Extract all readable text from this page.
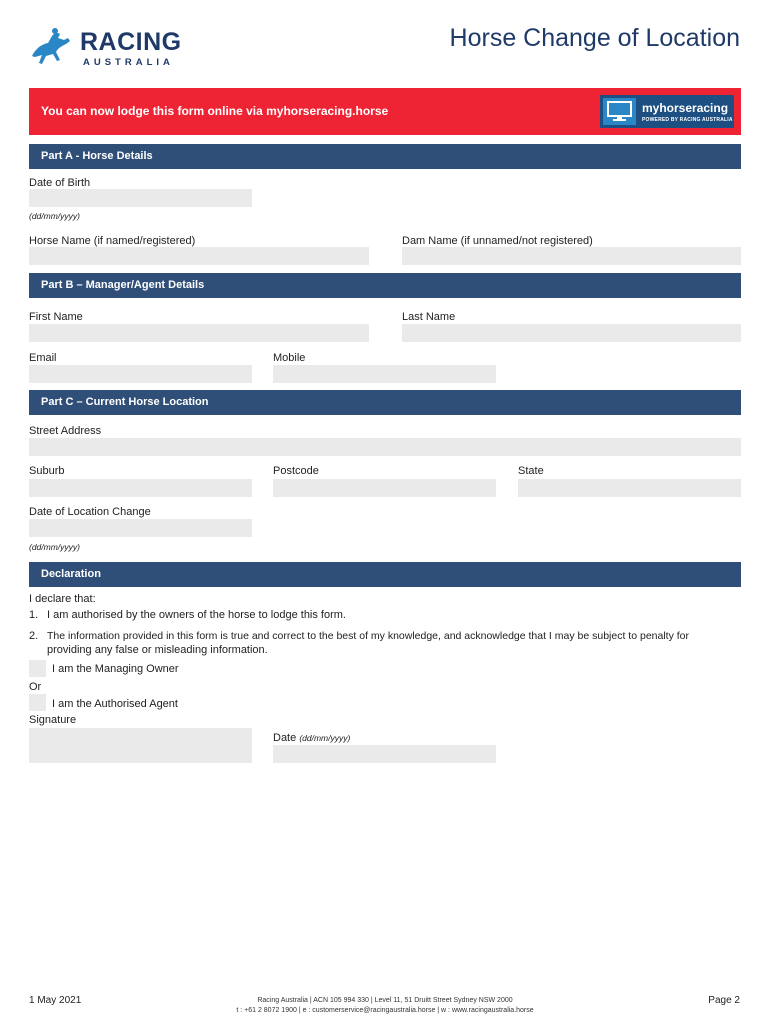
RACING
AUSTRALIA
Horse Change of Location
You can now lodge this form online via myhorseracing.horse	myhorseracing
POWERED BY RACING AUSTRALIA
Part A - Horse Details
Date of Birth
(dd/mm/yyyy)
Horse Name (if named/registered)	Dam Name (if unnamed/not registered)
Part B – Manager/Agent Details
First Name	Last Name
Email	Mobile
Part C – Current Horse Location
Street Address
Suburb	Postcode	State
Date of Location Change
(dd/mm/yyyy)
Declaration
I declare that:
1. I am authorised by the owners of the horse to lodge this form.
2. The information provided in this form is true and correct to the best of my knowledge, and acknowledge that I may be subject to penalty for
providing any false or misleading information.
I am the Managing Owner
Or
I am the Authorised Agent
Signature
Date (dd/mm/yyyy)
1 May 2021	Racing Australia | ACN 105 994 330 | Level 11, 51 Druitt Street Sydney NSW 2000
t : +61 2 8072 1900 | e : customerservice@racingaustralia.horse | w : www.racingaustralia.horse
Page 2
